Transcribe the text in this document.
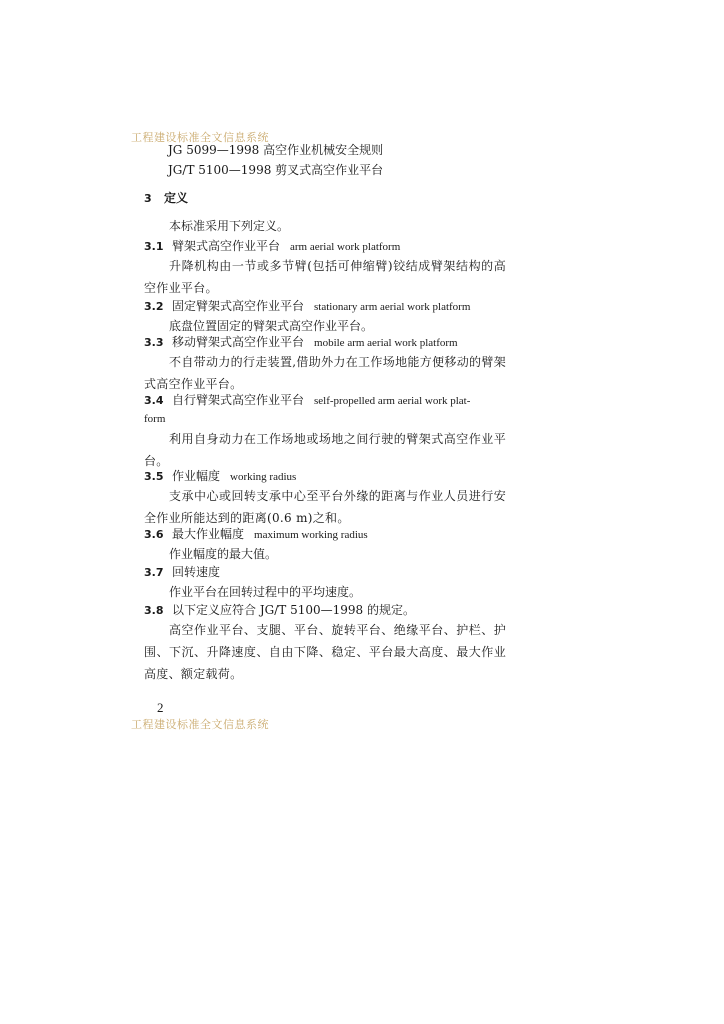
工程建设标准全文信息系统
JG 5099—1998 高空作业机械安全规则
JG/T 5100—1998 剪叉式高空作业平台
3 定义
本标准采用下列定义。
3.1 臂架式高空作业平台 arm aerial work platform
升降机构由一节或多节臂(包括可伸缩臂)铰结成臂架结构的高空作业平台。
3.2 固定臂架式高空作业平台 stationary arm aerial work platform
底盘位置固定的臂架式高空作业平台。
3.3 移动臂架式高空作业平台 mobile arm aerial work platform
不自带动力的行走装置,借助外力在工作场地能方便移动的臂架式高空作业平台。
3.4 自行臂架式高空作业平台 self-propelled arm aerial work plat-
form
利用自身动力在工作场地或场地之间行驶的臂架式高空作业平台。
3.5 作业幅度 working radius
支承中心或回转支承中心至平台外缘的距离与作业人员进行安全作业所能达到的距离(0.6 m)之和。
3.6 最大作业幅度 maximum working radius
作业幅度的最大值。
3.7 回转速度
作业平台在回转过程中的平均速度。
3.8 以下定义应符合 JG/T 5100—1998 的规定。
高空作业平台、支腿、平台、旋转平台、绝缘平台、护栏、护围、下沉、升降速度、自由下降、稳定、平台最大高度、最大作业高度、额定载荷。
2
工程建设标准全文信息系统
